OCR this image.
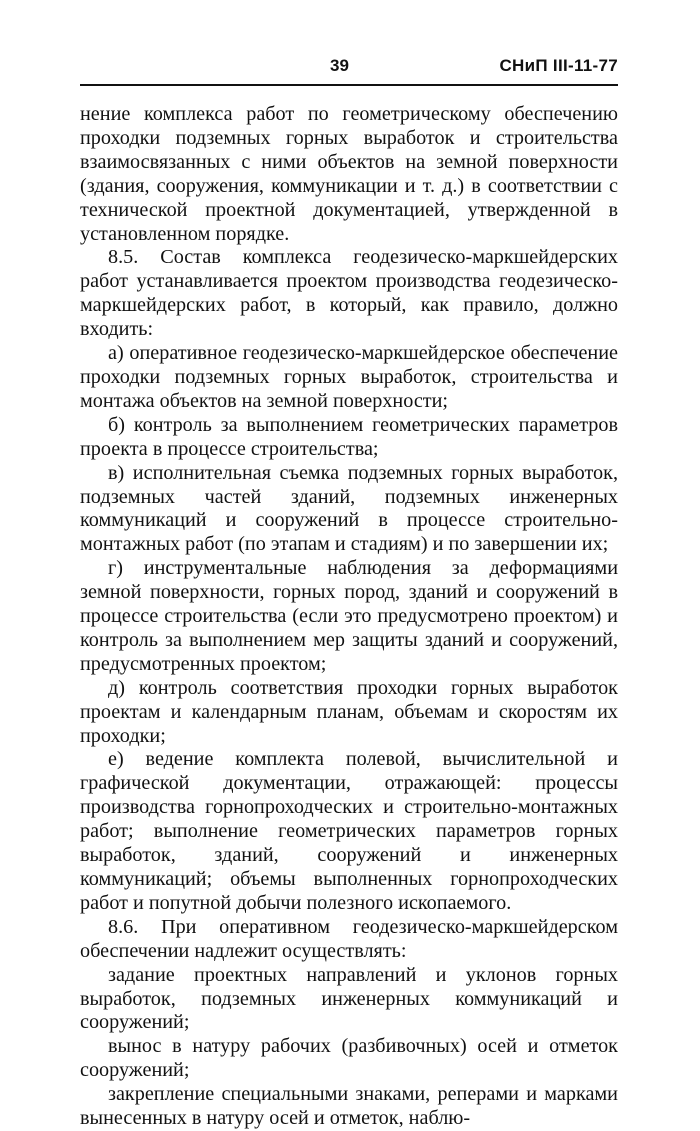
39	СНиП III-11-77

нение комплекса работ по геометрическому обеспечению проходки подземных горных выработок и строительства взаимосвязанных с ними объектов на земной поверхности (здания, сооружения, коммуникации и т. д.) в соответствии с технической проектной документацией, утвержденной в установленном порядке.

8.5. Состав комплекса геодезическо-маркшейдерских работ устанавливается проектом производства геодезическо-маркшейдерских работ, в который, как правило, должно входить:

а) оперативное геодезическо-маркшейдерское обеспечение проходки подземных горных выработок, строительства и монтажа объектов на земной поверхности;

б) контроль за выполнением геометрических параметров проекта в процессе строительства;

в) исполнительная съемка подземных горных выработок, подземных частей зданий, подземных инженерных коммуникаций и сооружений в процессе строительно-монтажных работ (по этапам и стадиям) и по завершении их;

г) инструментальные наблюдения за деформациями земной поверхности, горных пород, зданий и сооружений в процессе строительства (если это предусмотрено проектом) и контроль за выполнением мер защиты зданий и сооружений, предусмотренных проектом;

д) контроль соответствия проходки горных выработок проектам и календарным планам, объемам и скоростям их проходки;

е) ведение комплекта полевой, вычислительной и графической документации, отражающей: процессы производства горнопроходческих и строительно-монтажных работ; выполнение геометрических параметров горных выработок, зданий, сооружений и инженерных коммуникаций; объемы выполненных горнопроходческих работ и попутной добычи полезного ископаемого.

8.6. При оперативном геодезическо-маркшейдерском обеспечении надлежит осуществлять:

задание проектных направлений и уклонов горных выработок, подземных инженерных коммуникаций и сооружений;

вынос в натуру рабочих (разбивочных) осей и отметок сооружений;

закрепление специальными знаками, реперами и марками вынесенных в натуру осей и отметок, наблю-
